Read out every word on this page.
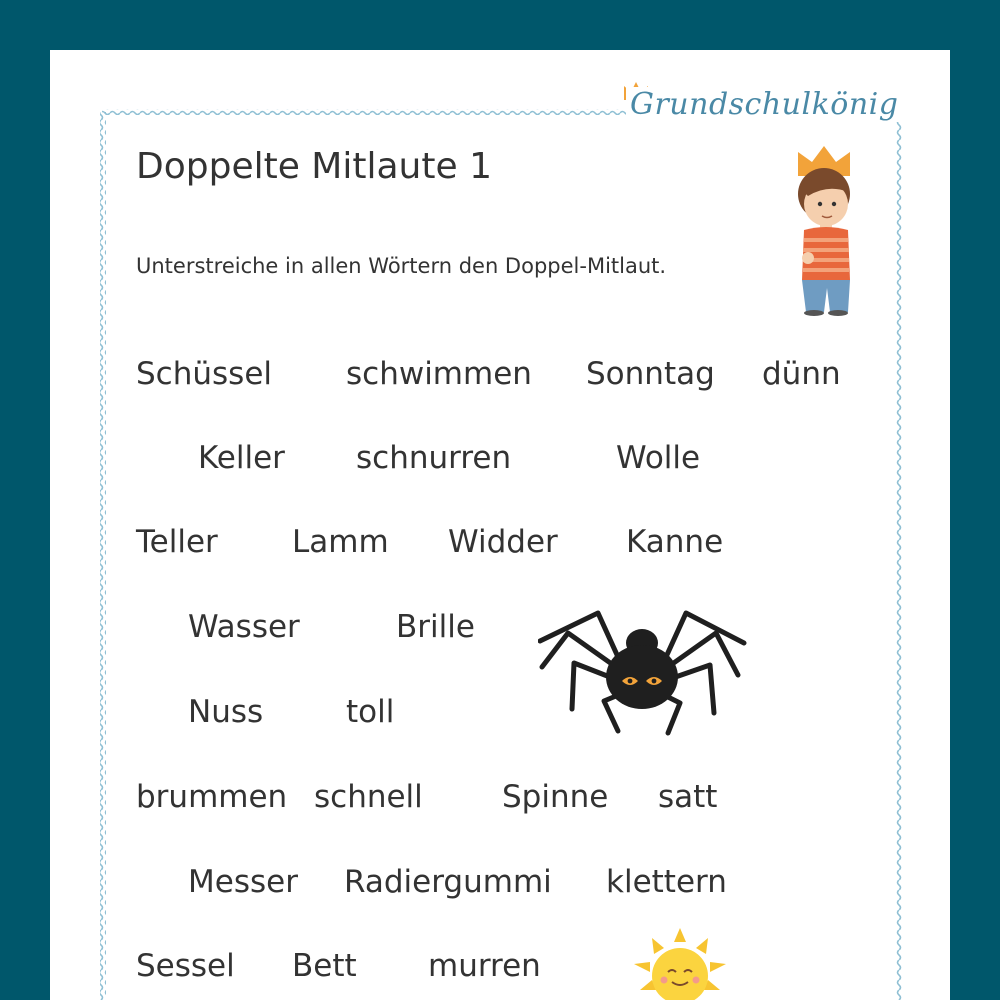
Grundschulkönig
Doppelte Mitlaute 1
Unterstreiche in allen Wörtern den Doppel-Mitlaut.
Schüssel schwimmen Sonntag dünn
Keller schnurren	Wolle
Teller Lamm Widder Kanne
Wasser	Brille
Nuss	toll
brummen schnell	Spinne satt
Messer Radiergummi klettern
Sessel Bett murren
